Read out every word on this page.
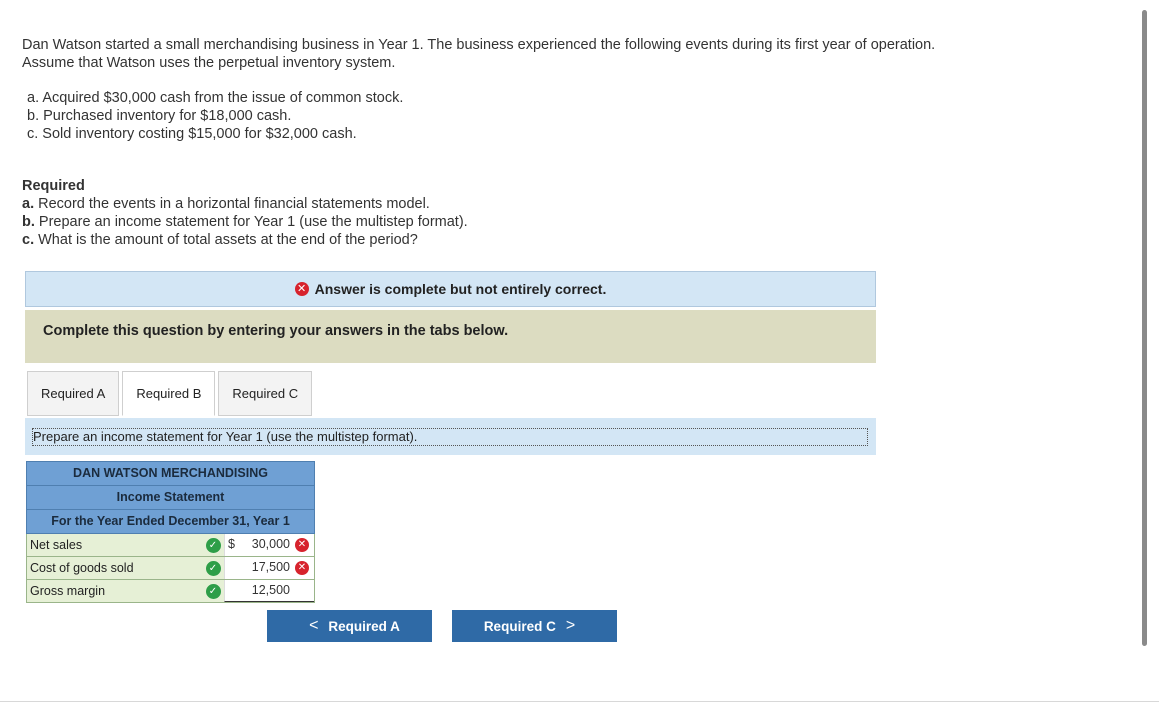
Dan Watson started a small merchandising business in Year 1. The business experienced the following events during its first year of operation. Assume that Watson uses the perpetual inventory system.
a. Acquired $30,000 cash from the issue of common stock.
b. Purchased inventory for $18,000 cash.
c. Sold inventory costing $15,000 for $32,000 cash.
Required
a. Record the events in a horizontal financial statements model.
b. Prepare an income statement for Year 1 (use the multistep format).
c. What is the amount of total assets at the end of the period?
✕ Answer is complete but not entirely correct.
Complete this question by entering your answers in the tabs below.
Required A	Required B	Required C
Prepare an income statement for Year 1 (use the multistep format).
DAN WATSON MERCHANDISING
Income Statement
For the Year Ended December 31, Year 1
Net sales	✓ $ 30,000 ✕
Cost of goods sold	✓	17,500 ✕
Gross margin	✓	12,500
< Required A	Required C >
